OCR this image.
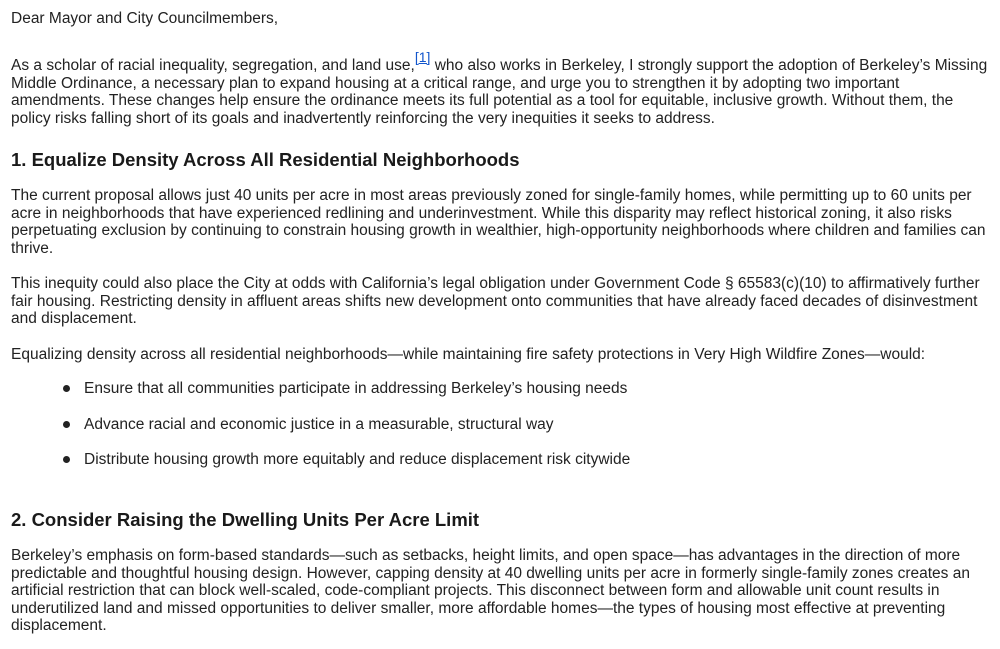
Dear Mayor and City Councilmembers,

As a scholar of racial inequality, segregation, and land use,[1] who also works in Berkeley, I strongly support the adoption of Berkeley’s Missing Middle Ordinance, a necessary plan to expand housing at a critical range, and urge you to strengthen it by adopting two important amendments. These changes help ensure the ordinance meets its full potential as a tool for equitable, inclusive growth. Without them, the policy risks falling short of its goals and inadvertently reinforcing the very inequities it seeks to address.

1. Equalize Density Across All Residential Neighborhoods

The current proposal allows just 40 units per acre in most areas previously zoned for single-family homes, while permitting up to 60 units per acre in neighborhoods that have experienced redlining and underinvestment. While this disparity may reflect historical zoning, it also risks perpetuating exclusion by continuing to constrain housing growth in wealthier, high-opportunity neighborhoods where children and families can thrive.

This inequity could also place the City at odds with California’s legal obligation under Government Code § 65583(c)(10) to affirmatively further fair housing. Restricting density in affluent areas shifts new development onto communities that have already faced decades of disinvestment and displacement.

Equalizing density across all residential neighborhoods—while maintaining fire safety protections in Very High Wildfire Zones—would:

Ensure that all communities participate in addressing Berkeley’s housing needs
Advance racial and economic justice in a measurable, structural way
Distribute housing growth more equitably and reduce displacement risk citywide
2. Consider Raising the Dwelling Units Per Acre Limit

Berkeley’s emphasis on form-based standards—such as setbacks, height limits, and open space—has advantages in the direction of more predictable and thoughtful housing design. However, capping density at 40 dwelling units per acre in formerly single-family zones creates an artificial restriction that can block well-scaled, code-compliant projects. This disconnect between form and allowable unit count results in underutilized land and missed opportunities to deliver smaller, more affordable homes—the types of housing most effective at preventing displacement.
